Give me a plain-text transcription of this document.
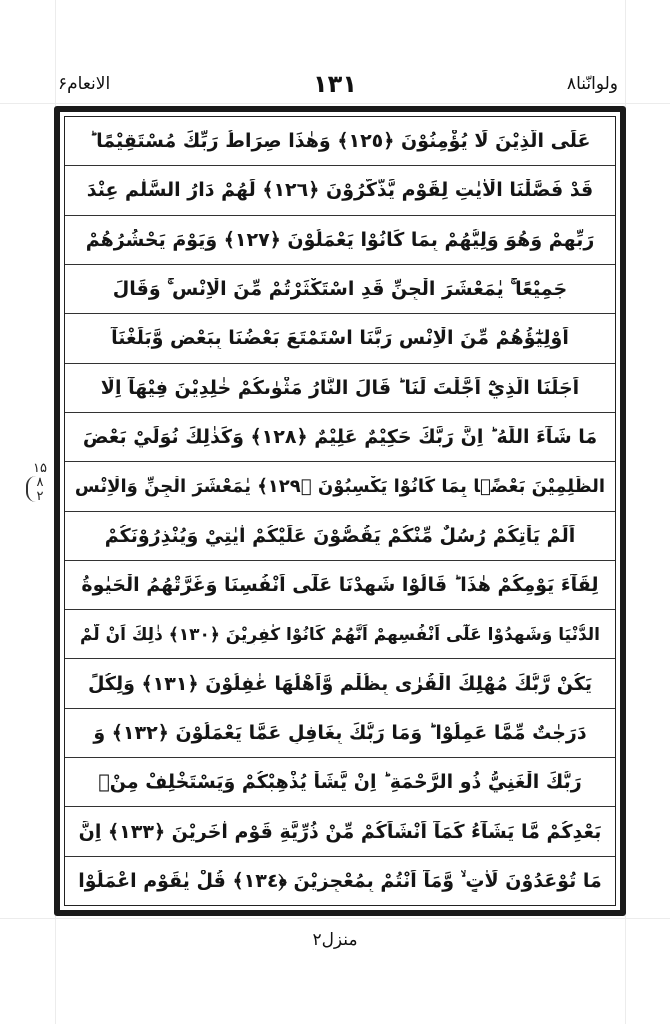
ولوانّنا۸
۱۳۱
الانعام۶
۱۵
۸
۲
عَلَى الَّذِيْنَ لَا يُؤْمِنُوْنَ ﴿١٢٥﴾ وَهٰذَا صِرَاطُ رَبِّكَ مُسْتَقِيْمًا ؕ
قَدْ فَصَّلْنَا الْاٰيٰتِ لِقَوْمٍ يَّذَّكَّرُوْنَ ﴿١٢٦﴾ لَهُمْ دَارُ السَّلٰمِ عِنْدَ
رَبِّهِمْ وَهُوَ وَلِيُّهُمْ بِمَا كَانُوْا يَعْمَلُوْنَ ﴿١٢٧﴾ وَيَوْمَ يَحْشُرُهُمْ
جَمِيْعًا ۚ يٰمَعْشَرَ الْجِنِّ قَدِ اسْتَكْثَرْتُمْ مِّنَ الْاِنْسِ ۚ وَقَالَ
اَوْلِيٰٓؤُهُمْ مِّنَ الْاِنْسِ رَبَّنَا اسْتَمْتَعَ بَعْضُنَا بِبَعْضٍ وَّبَلَغْنَآ
اَجَلَنَا الَّذِيْٓ اَجَّلْتَ لَنَا ؕ قَالَ النَّارُ مَثْوٰىكُمْ خٰلِدِيْنَ فِيْهَآ اِلَّا
مَا شَآءَ اللّٰهُ ؕ اِنَّ رَبَّكَ حَكِيْمٌ عَلِيْمٌ ﴿١٢٨﴾ وَكَذٰلِكَ نُوَلِّيْ بَعْضَ
الظّٰلِمِيْنَ بَعْضًۢا بِمَا كَانُوْا يَكْسِبُوْنَ ﴿١٢٩﴾ يٰمَعْشَرَ الْجِنِّ وَالْاِنْسِ
اَلَمْ يَاْتِكُمْ رُسُلٌ مِّنْكُمْ يَقُصُّوْنَ عَلَيْكُمْ اٰيٰتِيْ وَيُنْذِرُوْنَكُمْ
لِقَآءَ يَوْمِكُمْ هٰذَا ؕ قَالُوْا شَهِدْنَا عَلٰٓى اَنْفُسِنَا وَغَرَّتْهُمُ الْحَيٰوةُ
الدُّنْيَا وَشَهِدُوْا عَلٰٓى اَنْفُسِهِمْ اَنَّهُمْ كَانُوْا كٰفِرِيْنَ ﴿١٣٠﴾ ذٰلِكَ اَنْ لَّمْ
يَكُنْ رَّبُّكَ مُهْلِكَ الْقُرٰى بِظُلْمٍ وَّاَهْلُهَا غٰفِلُوْنَ ﴿١٣١﴾ وَلِكُلٍّ
دَرَجٰتٌ مِّمَّا عَمِلُوْا ؕ وَمَا رَبُّكَ بِغَافِلٍ عَمَّا يَعْمَلُوْنَ ﴿١٣٢﴾ وَ
رَبُّكَ الْغَنِيُّ ذُو الرَّحْمَةِ ؕ اِنْ يَّشَاْ يُذْهِبْكُمْ وَيَسْتَخْلِفْ مِنْۢ
بَعْدِكُمْ مَّا يَشَآءُ كَمَآ اَنْشَاَكُمْ مِّنْ ذُرِّيَّةِ قَوْمٍ اٰخَرِيْنَ ﴿١٣٣﴾ اِنَّ
مَا تُوْعَدُوْنَ لَاٰتٍ ۙ وَّمَآ اَنْتُمْ بِمُعْجِزِيْنَ ﴿١٣٤﴾ قُلْ يٰقَوْمِ اعْمَلُوْا
منزل۲
